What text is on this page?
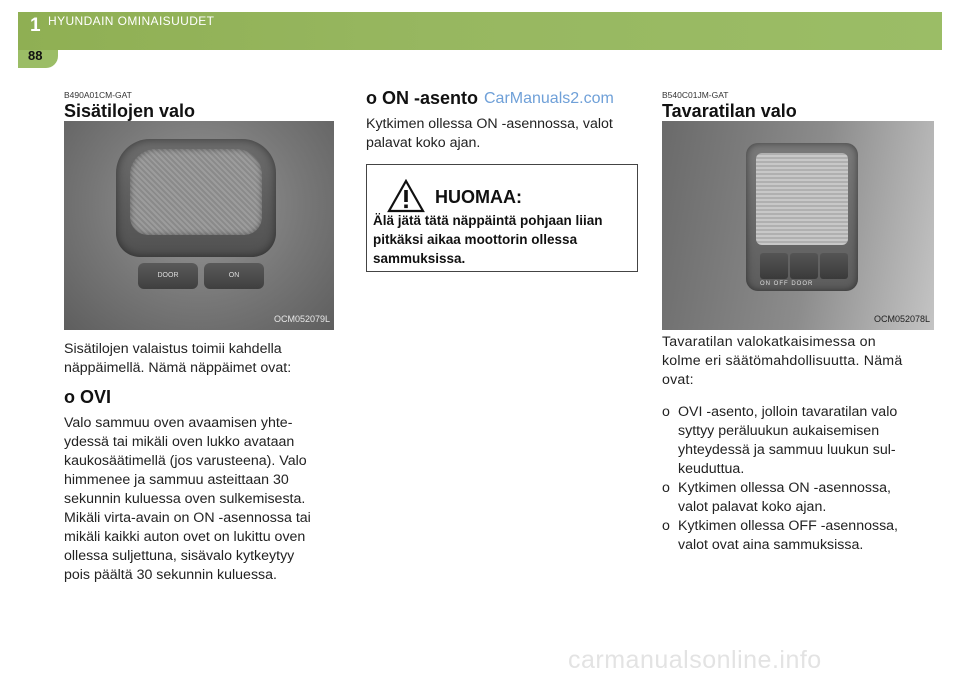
1 HYUNDAIN OMINAISUUDET
88
B490A01CM-GAT
Sisätilojen valo
DOOR	ON
OCM052079L
Sisätilojen valaistus toimii kahdella
näppäimellä. Nämä näppäimet ovat:
o OVI
Valo sammuu oven avaamisen yhte-
ydessä tai mikäli oven lukko avataan
kaukosäätimellä (jos varusteena). Valo
himmenee ja sammuu asteittaan 30
sekunnin kuluessa oven sulkemisesta.
Mikäli virta-avain on ON -asennossa tai
mikäli kaikki auton ovet on lukittu oven
ollessa suljettuna, sisävalo kytkeytyy
pois päältä 30 sekunnin kuluessa.
o ON -asento CarManuals2.com
Kytkimen ollessa ON -asennossa, valot
palavat koko ajan.
HUOMAA:
Älä jätä tätä näppäintä pohjaan liian
pitkäksi aikaa moottorin ollessa
sammuksissa.
B540C01JM-GAT
Tavaratilan valo
ON OFF DOOR
OCM052078L
Tavaratilan valokatkaisimessa on
kolme eri säätömahdollisuutta. Nämä
ovat:
o OVI -asento, jolloin tavaratilan valo
syttyy peräluukun aukaisemisen
yhteydessä ja sammuu luukun sul-
keuduttua.
o Kytkimen ollessa ON -asennossa,
valot palavat koko ajan.
o Kytkimen ollessa OFF -asennossa,
valot ovat aina sammuksissa.
carmanualsonline.info
